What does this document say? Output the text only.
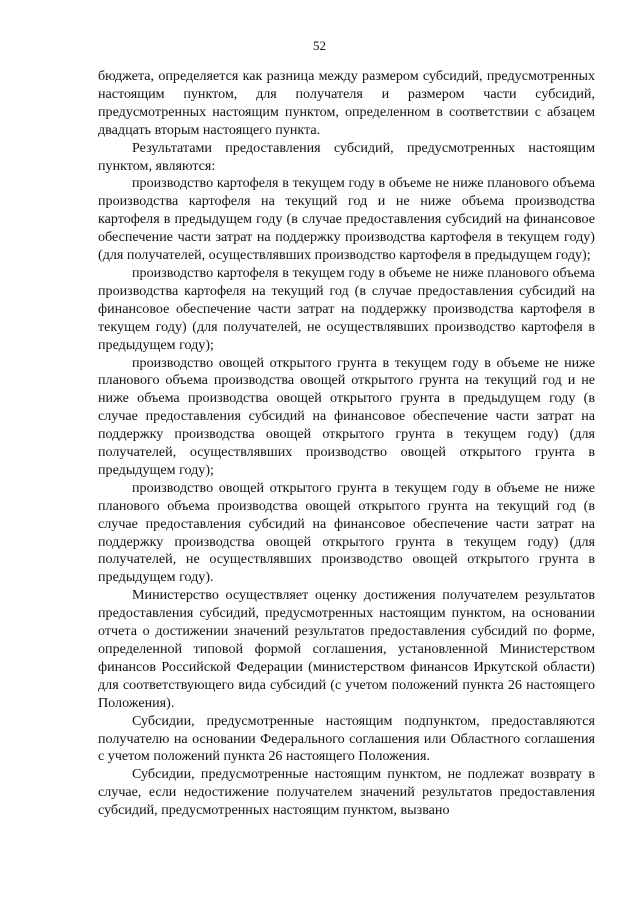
52

бюджета, определяется как разница между размером субсидий, предусмотренных настоящим пунктом, для получателя и размером части субсидий, предусмотренных настоящим пунктом, определенном в соответствии с абзацем двадцать вторым настоящего пункта.

Результатами предоставления субсидий, предусмотренных настоящим пунктом, являются:

производство картофеля в текущем году в объеме не ниже планового объема производства картофеля на текущий год и не ниже объема производства картофеля в предыдущем году (в случае предоставления субсидий на финансовое обеспечение части затрат на поддержку производства картофеля в текущем году) (для получателей, осуществлявших производство картофеля в предыдущем году);

производство картофеля в текущем году в объеме не ниже планового объема производства картофеля на текущий год (в случае предоставления субсидий на финансовое обеспечение части затрат на поддержку производства картофеля в текущем году) (для получателей, не осуществлявших производство картофеля в предыдущем году);

производство овощей открытого грунта в текущем году в объеме не ниже планового объема производства овощей открытого грунта на текущий год и не ниже объема производства овощей открытого грунта в предыдущем году (в случае предоставления субсидий на финансовое обеспечение части затрат на поддержку производства овощей открытого грунта в текущем году) (для получателей, осуществлявших производство овощей открытого грунта в предыдущем году);

производство овощей открытого грунта в текущем году в объеме не ниже планового объема производства овощей открытого грунта на текущий год (в случае предоставления субсидий на финансовое обеспечение части затрат на поддержку производства овощей открытого грунта в текущем году) (для получателей, не осуществлявших производство овощей открытого грунта в предыдущем году).

Министерство осуществляет оценку достижения получателем результатов предоставления субсидий, предусмотренных настоящим пунктом, на основании отчета о достижении значений результатов предоставления субсидий по форме, определенной типовой формой соглашения, установленной Министерством финансов Российской Федерации (министерством финансов Иркутской области) для соответствующего вида субсидий (с учетом положений пункта 26 настоящего Положения).

Субсидии, предусмотренные настоящим подпунктом, предоставляются получателю на основании Федерального соглашения или Областного соглашения с учетом положений пункта 26 настоящего Положения.

Субсидии, предусмотренные настоящим пунктом, не подлежат возврату в случае, если недостижение получателем значений результатов предоставления субсидий, предусмотренных настоящим пунктом, вызвано
